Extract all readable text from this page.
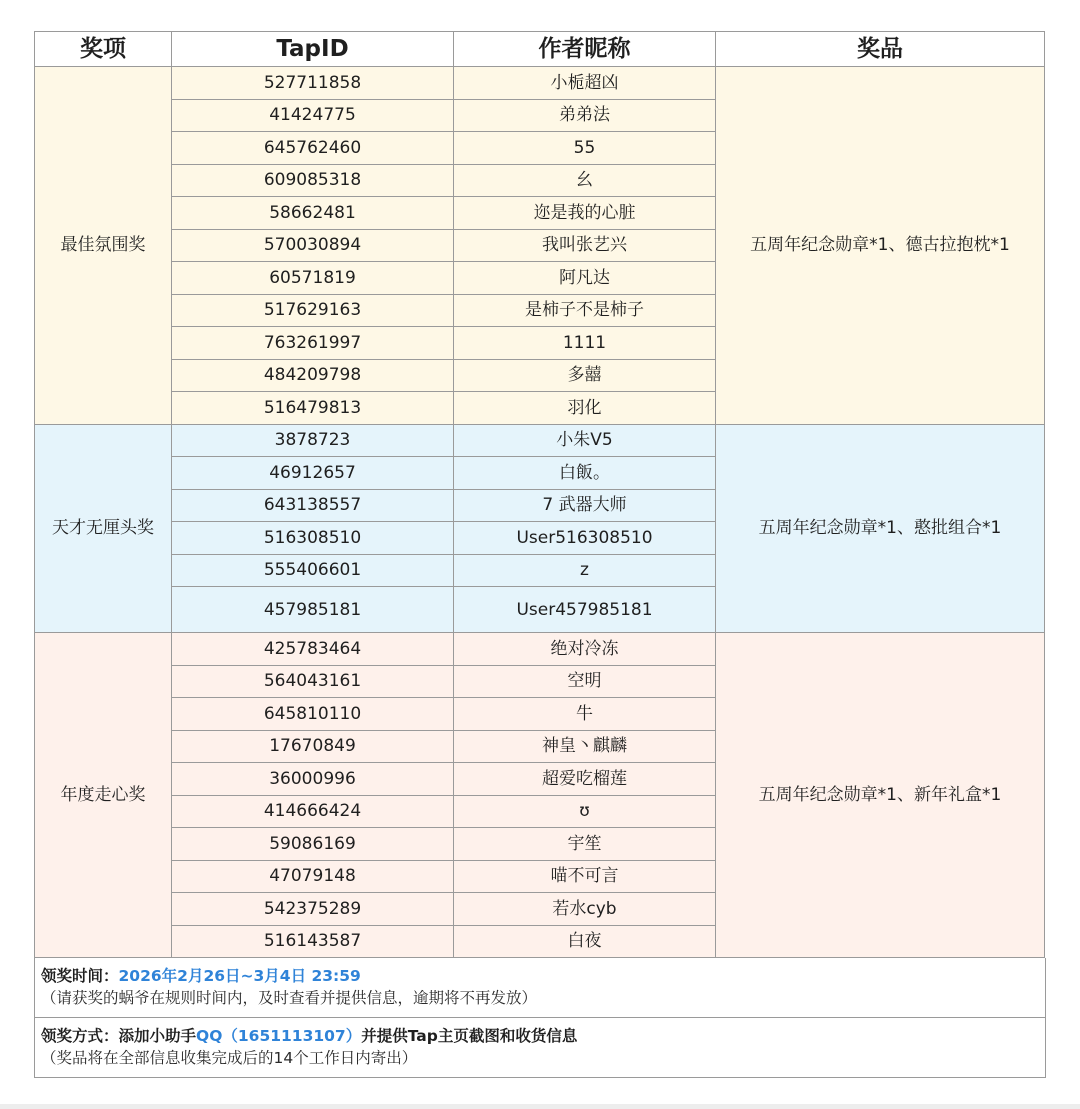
奖项	TapID	作者昵称	奖品
最佳氛围奖	527711858	小栀超凶	五周年纪念勋章*1、德古拉抱枕*1
	41424775	弟弟法	
	645762460	55	
	609085318	幺	
	58662481	迩是莪的心脏	
	570030894	我叫张艺兴	
	60571819	阿凡达	
	517629163	是柿子不是柿子	
	763261997	1111	
	484209798	多囍	
	516479813	羽化	
天才无厘头奖	3878723	小朱V5	五周年纪念勋章*1、憨批组合*1
	46912657	白飯。	
	643138557	7 武器大师	
	516308510	User516308510	
	555406601	z	
	457985181	User457985181	
年度走心奖	425783464	绝对冷冻	五周年纪念勋章*1、新年礼盒*1
	564043161	空明	
	645810110	牛	
	17670849	神皇丶麒麟	
	36000996	超爱吃榴莲	
	414666424	ʊ	
	59086169	宇笙	
	47079148	喵不可言	
	542375289	若水cyb	
	516143587	白夜	
领奖时间：2026年2月26日~3月4日 23:59
（请获奖的蜗爷在规则时间内，及时查看并提供信息，逾期将不再发放）
领奖方式：添加小助手QQ（1651113107）并提供Tap主页截图和收货信息
（奖品将在全部信息收集完成后的14个工作日内寄出）
